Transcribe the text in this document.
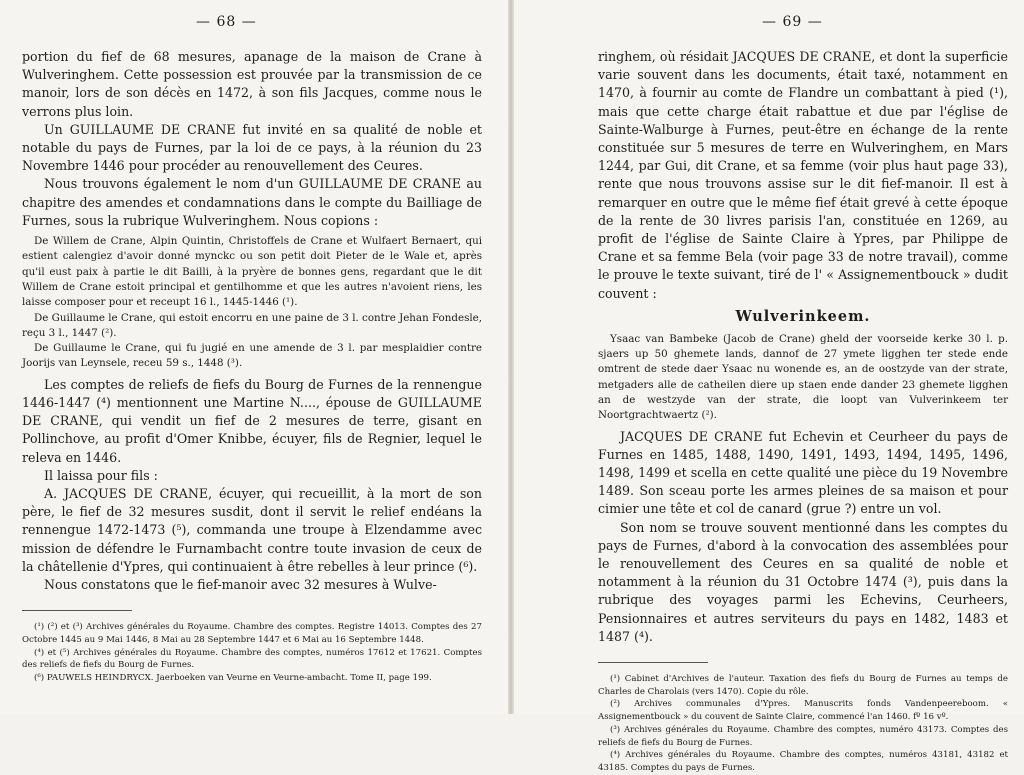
— 68 —

portion du fief de 68 mesures, apanage de la maison de Crane à Wulveringhem. Cette possession est prouvée par la transmission de ce manoir, lors de son décès en 1472, à son fils Jacques, comme nous le verrons plus loin.

Un GUILLAUME DE CRANE fut invité en sa qualité de noble et notable du pays de Furnes, par la loi de ce pays, à la réunion du 23 Novembre 1446 pour procéder au renouvellement des Ceures.

Nous trouvons également le nom d'un GUILLAUME DE CRANE au chapitre des amendes et condamnations dans le compte du Bailliage de Furnes, sous la rubrique Wulveringhem. Nous copions :

De Willem de Crane, Alpin Quintin, Christoffels de Crane et Wulfaert Bernaert, qui estient calengiez d'avoir donné mynckc ou son petit doit Pieter de le Wale et, après qu'il eust paix à partie le dit Bailli, à la pryère de bonnes gens, regardant que le dit Willem de Crane estoit principal et gentilhomme et que les autres n'avoient riens, les laisse composer pour et receupt 16 l., 1445-1446 (¹).

De Guillaume le Crane, qui estoit encorru en une paine de 3 l. contre Jehan Fondesle, reçu 3 l., 1447 (²).

De Guillaume le Crane, qui fu jugié en une amende de 3 l. par mesplaidier contre Joorijs van Leynsele, receu 59 s., 1448 (³).

Les comptes de reliefs de fiefs du Bourg de Furnes de la rennengue 1446-1447 (⁴) mentionnent une Martine N...., épouse de GUILLAUME DE CRANE, qui vendit un fief de 2 mesures de terre, gisant en Pollinchove, au profit d'Omer Knibbe, écuyer, fils de Regnier, lequel le releva en 1446.

Il laissa pour fils :

A. JACQUES DE CRANE, écuyer, qui recueillit, à la mort de son père, le fief de 32 mesures susdit, dont il servit le relief endéans la rennengue 1472-1473 (⁵), commanda une troupe à Elzendamme avec mission de défendre le Furnambacht contre toute invasion de ceux de la châtellenie d'Ypres, qui continuaient à être rebelles à leur prince (⁶).

Nous constatons que le fief-manoir avec 32 mesures à Wulve-

(¹) (²) et (³) Archives générales du Royaume. Chambre des comptes. Registre 14013. Comptes des 27 Octobre 1445 au 9 Mai 1446, 8 Mai au 28 Septembre 1447 et 6 Mai au 16 Septembre 1448.

(⁴) et (⁵) Archives générales du Royaume. Chambre des comptes, numéros 17612 et 17621. Comptes des reliefs de fiefs du Bourg de Furnes.

(⁶) PAUWELS HEINDRYCX. Jaerboeken van Veurne en Veurne-ambacht. Tome II, page 199.

— 69 —

ringhem, où résidait JACQUES DE CRANE, et dont la superficie varie souvent dans les documents, était taxé, notamment en 1470, à fournir au comte de Flandre un combattant à pied (¹), mais que cette charge était rabattue et due par l'église de Sainte-Walburge à Furnes, peut-être en échange de la rente constituée sur 5 mesures de terre en Wulveringhem, en Mars 1244, par Gui, dit Crane, et sa femme (voir plus haut page 33), rente que nous trouvons assise sur le dit fief-manoir. Il est à remarquer en outre que le même fief était grevé à cette époque de la rente de 30 livres parisis l'an, constituée en 1269, au profit de l'église de Sainte Claire à Ypres, par Philippe de Crane et sa femme Bela (voir page 33 de notre travail), comme le prouve le texte suivant, tiré de l' « Assignementbouck » dudit couvent :

Wulverinkeem.

Ysaac van Bambeke (Jacob de Crane) gheld der voorseide kerke 30 l. p. sjaers up 50 ghemete lands, dannof de 27 ymete ligghen ter stede ende omtrent de stede daer Ysaac nu wonende es, an de oostzyde van der strate, metgaders alle de catheilen diere up staen ende dander 23 ghemete ligghen an de westzyde van der strate, die loopt van Vulverinkeem ter Noortgrachtwaertz (²).

JACQUES DE CRANE fut Echevin et Ceurheer du pays de Furnes en 1485, 1488, 1490, 1491, 1493, 1494, 1495, 1496, 1498, 1499 et scella en cette qualité une pièce du 19 Novembre 1489. Son sceau porte les armes pleines de sa maison et pour cimier une tête et col de canard (grue ?) entre un vol.

Son nom se trouve souvent mentionné dans les comptes du pays de Furnes, d'abord à la convocation des assemblées pour le renouvellement des Ceures en sa qualité de noble et notamment à la réunion du 31 Octobre 1474 (³), puis dans la rubrique des voyages parmi les Echevins, Ceurheers, Pensionnaires et autres serviteurs du pays en 1482, 1483 et 1487 (⁴).

(¹) Cabinet d'Archives de l'auteur. Taxation des fiefs du Bourg de Furnes au temps de Charles de Charolais (vers 1470). Copie du rôle.

(²) Archives communales d'Ypres. Manuscrits fonds Vandenpeereboom. « Assignementbouck » du couvent de Sainte Claire, commencé l'an 1460. fº 16 vº.

(³) Archives générales du Royaume. Chambre des comptes, numéro 43173. Comptes des reliefs de fiefs du Bourg de Furnes.

(⁴) Archives générales du Royaume. Chambre des comptes, numéros 43181, 43182 et 43185. Comptes du pays de Furnes.
